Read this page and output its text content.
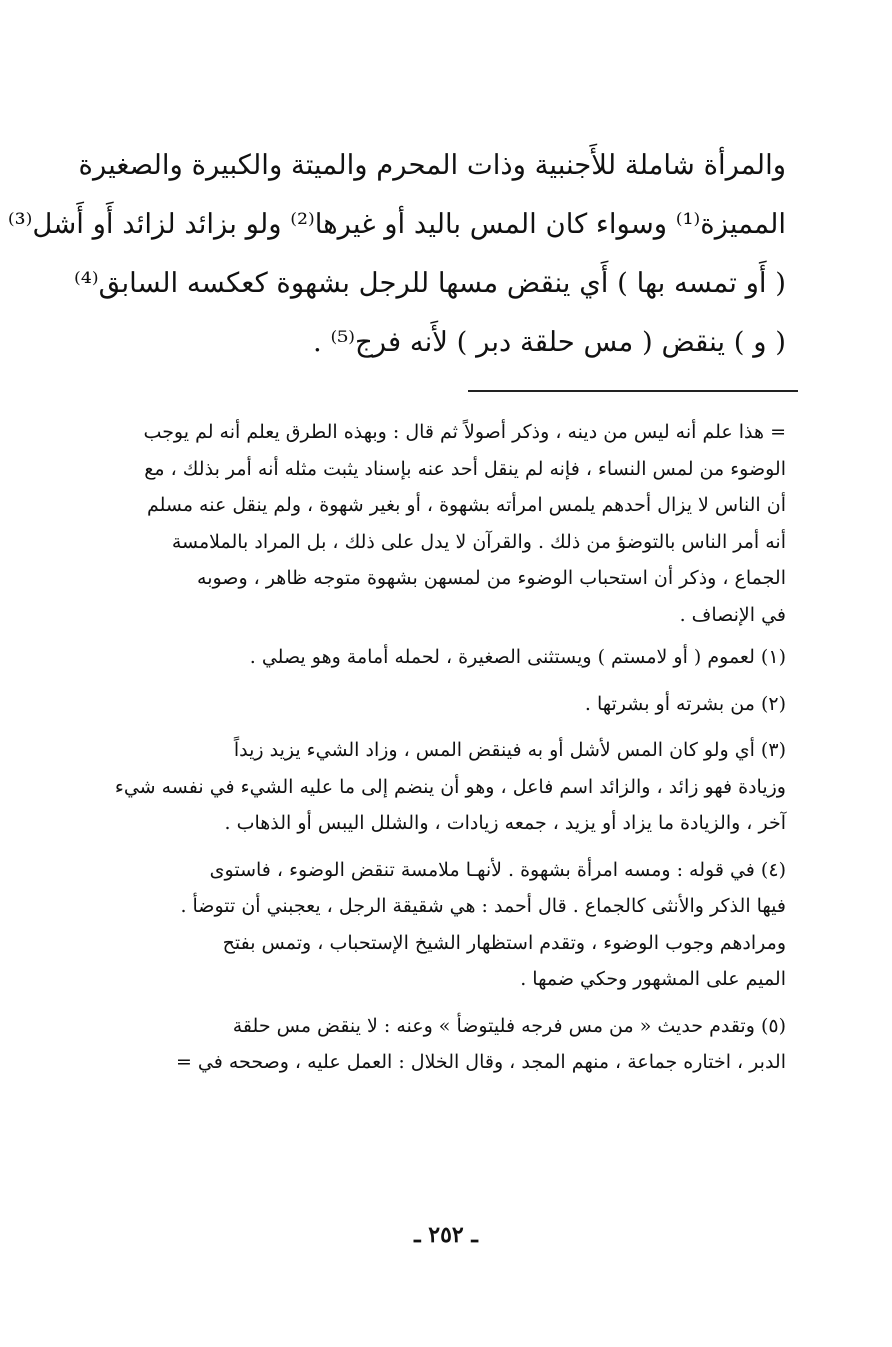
والمرأة شاملة للأَجنبية وذات المحرم والميتة والكبيرة والصغيرة
المميزة⁽¹⁾ وسواء كان المس باليد أو غيرها⁽²⁾ ولو بزائد لزائد أَو أَشل⁽³⁾
( أَو تمسه بها ) أَي ينقض مسها للرجل بشهوة كعكسه السابق⁽⁴⁾
( و ) ينقض ( مس حلقة دبر ) لأَنه فرج⁽⁵⁾ .
= هذا علم أنه ليس من دينه ، وذكر أصولاً ثم قال : وبهذه الطرق يعلم أنه لم يوجب
الوضوء من لمس النساء ، فإنه لم ينقل أحد عنه بإسناد يثبت مثله أنه أمر بذلك ، مع
أن الناس لا يزال أحدهم يلمس امرأته بشهوة ، أو بغير شهوة ، ولم ينقل عنه مسلم
أنه أمر الناس بالتوضؤ من ذلك . والقرآن لا يدل على ذلك ، بل المراد بالملامسة
الجماع ، وذكر أن استحباب الوضوء من لمسهن بشهوة متوجه ظاهر ، وصوبه
في الإنصاف .
(١) لعموم ( أو لامستم ) ويستثنى الصغيرة ، لحمله أمامة وهو يصلي .
(٢) من بشرته أو بشرتها .
(٣) أي ولو كان المس لأشل أو به فينقض المس ، وزاد الشيء يزيد زيداً
وزيادة فهو زائد ، والزائد اسم فاعل ، وهو أن ينضم إلى ما عليه الشيء في نفسه شيء
آخر ، والزيادة ما يزاد أو يزيد ، جمعه زيادات ، والشلل اليبس أو الذهاب .
(٤) في قوله : ومسه امرأة بشهوة . لأنهـا ملامسة تنقض الوضوء ، فاستوى
فيها الذكر والأنثى كالجماع . قال أحمد : هي شقيقة الرجل ، يعجبني أن تتوضأ .
ومرادهم وجوب الوضوء ، وتقدم استظهار الشيخ الإستحباب ، وتمس بفتح
الميم على المشهور وحكي ضمها .
(٥) وتقدم حديث « من مس فرجه فليتوضأ » وعنه : لا ينقض مس حلقة
الدبر ، اختاره جماعة ، منهم المجد ، وقال الخلال : العمل عليه ، وصححه في =
ـ ٢٥٢ ـ
